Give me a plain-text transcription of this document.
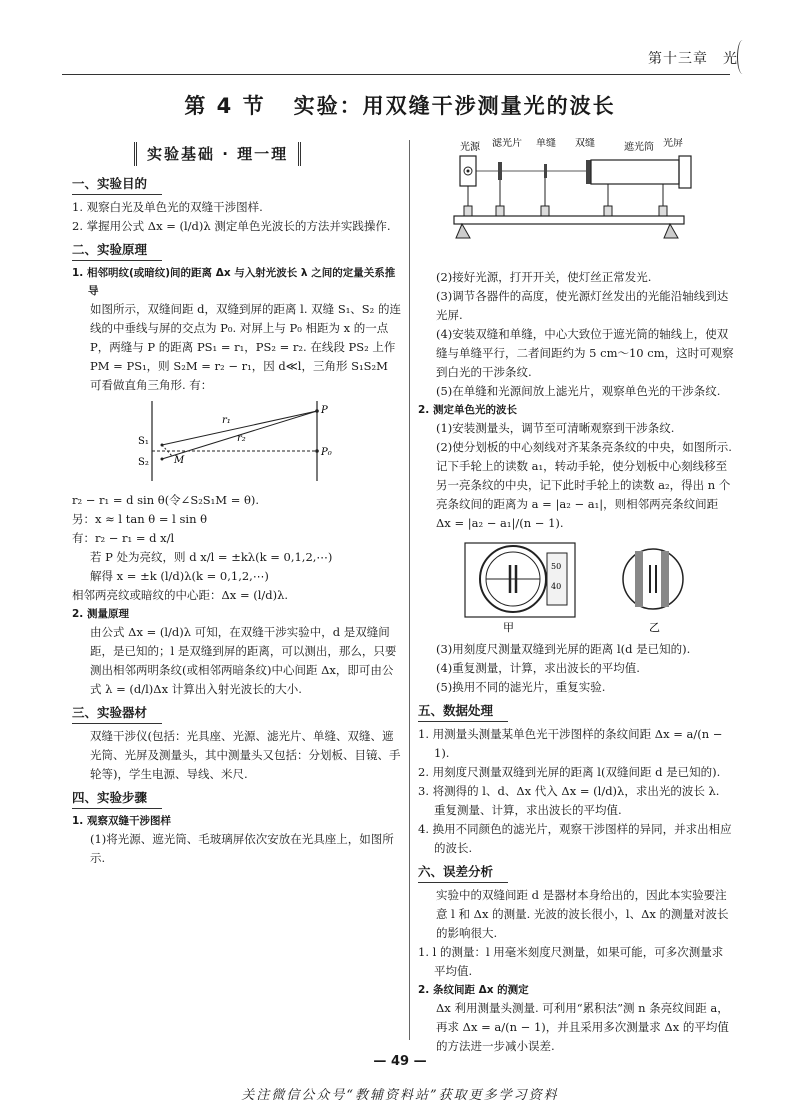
第十三章　光
第 4 节 实验：用双缝干涉测量光的波长
光源 滤光片 单缝 双缝	遮光筒 光屏
实验基础 · 理一理
一、实验目的

1. 观察白光及单色光的双缝干涉图样.

2. 掌握用公式 Δx = (l/d)λ 测定单色光波长的方法并实践操作.

二、实验原理

1. 相邻明纹(或暗纹)间的距离 Δx 与入射光波长 λ 之间的定量关系推导

如图所示，双缝间距 d，双缝到屏的距离 l. 双缝 S₁、S₂ 的连线的中垂线与屏的交点为 P₀. 对屏上与 P₀ 相距为 x 的一点 P，两缝与 P 的距离 PS₁ = r₁，PS₂ = r₂. 在线段 PS₂ 上作 PM = PS₁，则 S₂M = r₂ − r₁，因 d≪l，三角形 S₁S₂M 可看做直角三角形. 有：

S₁
S₂	M
r₁
r₂
P
P₀

r₂ − r₁ = d sin θ(令∠S₂S₁M = θ).

另：x ≈ l tan θ = l sin θ

有：r₂ − r₁ = d x/l

若 P 处为亮纹，则 d x/l = ±kλ(k = 0,1,2,⋯)

解得 x = ±k (l/d)λ(k = 0,1,2,⋯)

相邻两亮纹或暗纹的中心距：Δx = (l/d)λ.

2. 测量原理

由公式 Δx = (l/d)λ 可知，在双缝干涉实验中，d 是双缝间距，是已知的；l 是双缝到屏的距离，可以测出，那么，只要测出相邻两明条纹(或相邻两暗条纹)中心间距 Δx，即可由公式 λ = (d/l)Δx 计算出入射光波长的大小.

三、实验器材

双缝干涉仪(包括：光具座、光源、滤光片、单缝、双缝、遮光筒、光屏及测量头，其中测量头又包括：分划板、目镜、手轮等)，学生电源、导线、米尺.

四、实验步骤

1. 观察双缝干涉图样

(1)将光源、遮光筒、毛玻璃屏依次安放在光具座上，如图所示.

(2)接好光源，打开开关，使灯丝正常发光.

(3)调节各器件的高度，使光源灯丝发出的光能沿轴线到达光屏.

(4)安装双缝和单缝，中心大致位于遮光筒的轴线上，使双缝与单缝平行，二者间距约为 5 cm～10 cm，这时可观察到白光的干涉条纹.

(5)在单缝和光源间放上滤光片，观察单色光的干涉条纹.

2. 测定单色光的波长

(1)安装测量头，调节至可清晰观察到干涉条纹.

(2)使分划板的中心刻线对齐某条亮条纹的中央，如图所示. 记下手轮上的读数 a₁，转动手轮，使分划板中心刻线移至另一亮条纹的中央，记下此时手轮上的读数 a₂，得出 n 个亮条纹间的距离为 a = |a₂ − a₁|，则相邻两亮条纹间距 Δx = |a₂ − a₁|/(n − 1).

50
40
甲	乙

(3)用刻度尺测量双缝到光屏的距离 l(d 是已知的).

(4)重复测量，计算，求出波长的平均值.

(5)换用不同的滤光片，重复实验.

五、数据处理

1. 用测量头测量某单色光干涉图样的条纹间距 Δx = a/(n − 1).

2. 用刻度尺测量双缝到光屏的距离 l(双缝间距 d 是已知的).

3. 将测得的 l、d、Δx 代入 Δx = (l/d)λ，求出光的波长 λ. 重复测量、计算，求出波长的平均值.

4. 换用不同颜色的滤光片，观察干涉图样的异同，并求出相应的波长.

六、误差分析

实验中的双缝间距 d 是器材本身给出的，因此本实验要注意 l 和 Δx 的测量. 光波的波长很小，l、Δx 的测量对波长的影响很大.

1. l 的测量：l 用毫米刻度尺测量，如果可能，可多次测量求平均值.

2. 条纹间距 Δx 的测定

Δx 利用测量头测量. 可利用“累积法”测 n 条亮纹间距 a，再求 Δx = a/(n − 1)，并且采用多次测量求 Δx 的平均值的方法进一步减小误差.

— 49 —
关注微信公众号“教辅资料站”获取更多学习资料
